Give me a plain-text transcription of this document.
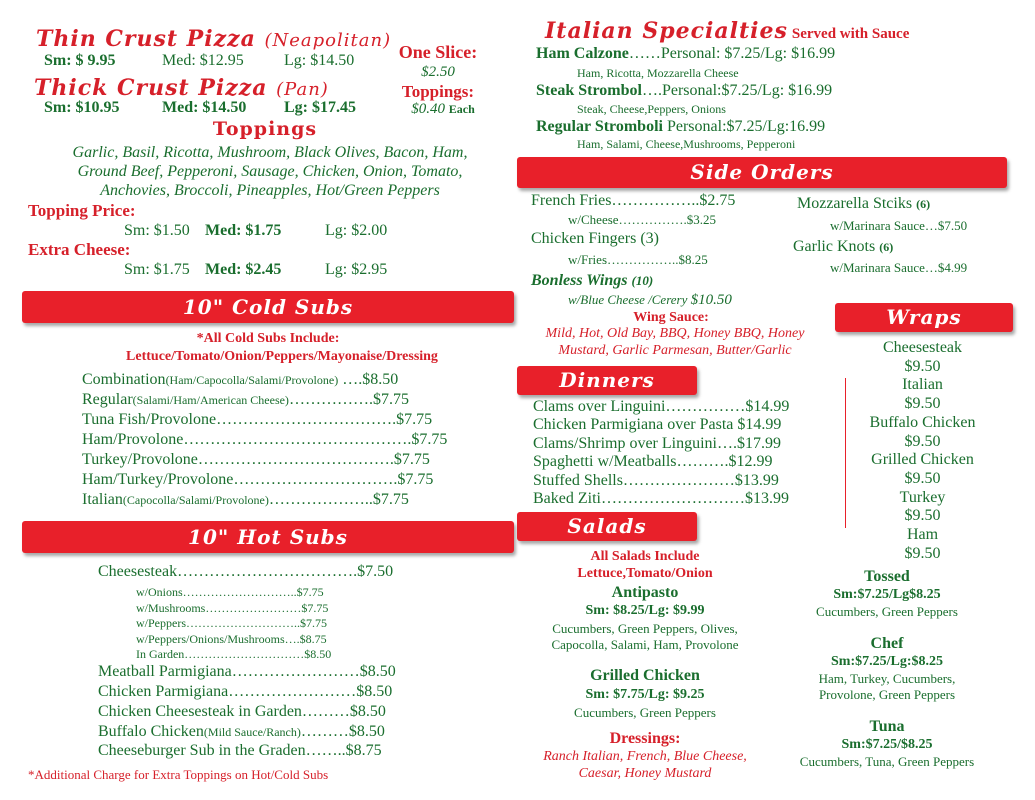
Thin Crust Pizza (Neapolitan)
Sm: $ 9.95	Med: $12.95	Lg: $14.50
Thick Crust Pizza (Pan)
Sm: $10.95	Med: $14.50 Lg: $17.45
One Slice:
$2.50
Toppings:
$0.40 Each
Toppings
Garlic, Basil, Ricotta, Mushroom, Black Olives, Bacon, Ham,
Ground Beef, Pepperoni, Sausage, Chicken, Onion, Tomato,
Anchovies, Broccoli, Pineapples, Hot/Green Peppers
Topping Price:
Sm: $1.50 Med: $1.75	Lg: $2.00
Extra Cheese:
Sm: $1.75 Med: $2.45	Lg: $2.95
10" Cold Subs
*All Cold Subs Include:
Lettuce/Tomato/Onion/Peppers/Mayonaise/Dressing
Combination(Ham/Capocolla/Salami/Provolone) ….$8.50
Regular(Salami/Ham/American Cheese)…………….$7.75
Tuna Fish/Provolone…………………………….$7.75
Ham/Provolone…………………………………….$7.75
Turkey/Provolone……………………………….$7.75
Ham/Turkey/Provolone………………………….$7.75
Italian(Capocolla/Salami/Provolone)………………..$7.75
10" Hot Subs
Cheesesteak…………………………….$7.50
w/Onions………………………..$7.75
w/Mushrooms……………………$7.75
w/Peppers………………………..$7.75
w/Peppers/Onions/Mushrooms….$8.75
In Garden…………………………$8.50
Meatball Parmigiana……………………$8.50
Chicken Parmigiana……………………$8.50
Chicken Cheesesteak in Garden………$8.50
Buffalo Chicken(Mild Sauce/Ranch)………$8.50
Cheeseburger Sub in the Graden……..$8.75
*Additional Charge for Extra Toppings on Hot/Cold Subs
Italian Specialties Served with Sauce
Ham Calzone……Personal: $7.25/Lg: $16.99
Ham, Ricotta, Mozzarella Cheese
Steak Strombol….Personal:$7.25/Lg: $16.99
Steak, Cheese,Peppers, Onions
Regular Stromboli Personal:$7.25/Lg:16.99
Ham, Salami, Cheese,Mushrooms, Pepperoni
Side Orders
French Fries……………..$2.75
w/Cheese…………….$3.25
Chicken Fingers (3)
w/Fries……………..$8.25
Bonless Wings (10)
w/Blue Cheese /Cerery $10.50
Wing Sauce:
Mild, Hot, Old Bay, BBQ, Honey BBQ, Honey
Mustard, Garlic Parmesan, Butter/Garlic
Mozzarella Stciks (6)
w/Marinara Sauce…$7.50
Garlic Knots (6)
w/Marinara Sauce…$4.99
Wraps
Cheesesteak
$9.50
Italian
$9.50
Buffalo Chicken
$9.50
Grilled Chicken
$9.50
Turkey
$9.50
Ham
$9.50
Dinners
Clams over Linguini……………$14.99
Chicken Parmigiana over Pasta $14.99
Clams/Shrimp over Linguini….$17.99
Spaghetti w/Meatballs……….$12.99
Stuffed Shells…………………$13.99
Baked Ziti………………………$13.99
Salads
All Salads Include
Lettuce,Tomato/Onion
Antipasto
Sm: $8.25/Lg: $9.99
Cucumbers, Green Peppers, Olives,
Capocolla, Salami, Ham, Provolone
Grilled Chicken
Sm: $7.75/Lg: $9.25
Cucumbers, Green Peppers
Dressings:
Ranch Italian, French, Blue Cheese,
Caesar, Honey Mustard
Tossed
Sm:$7.25/Lg$8.25
Cucumbers, Green Peppers
Chef
Sm:$7.25/Lg:$8.25
Ham, Turkey, Cucumbers,
Provolone, Green Peppers
Tuna
Sm:$7.25/$8.25
Cucumbers, Tuna, Green Peppers
